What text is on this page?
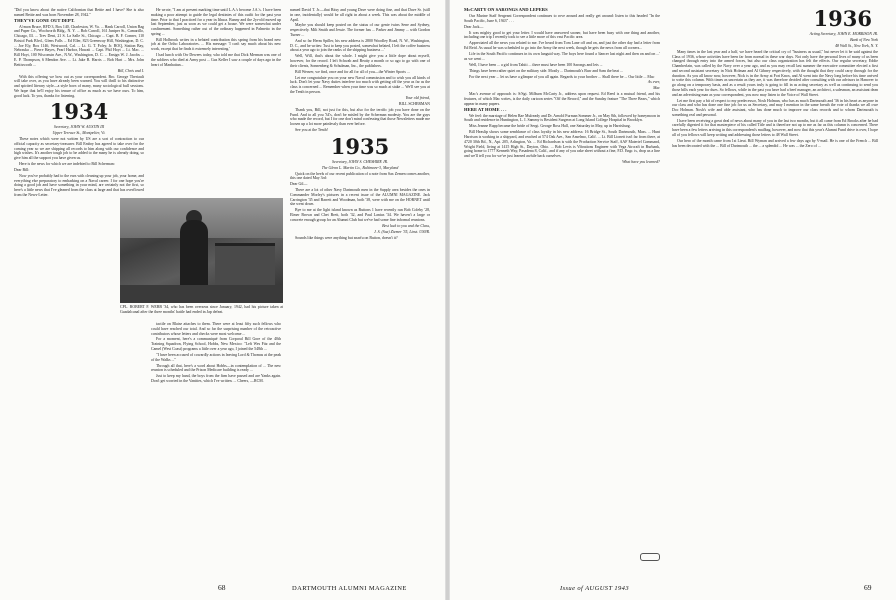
"Did you know about the native Californian that Bettie and I have? She is also named Bettie and was born November 28, 1942."

THEY'VE GONE OUT DEPT.

A'rmon Bruce, RFD 3, Box 140, Charleston, W. Va. ... Hank Carroll, Union Bag and Paper Co., Woolworth Bldg., N. Y. ... Bob Carroll, 161 Juniper St., Camarillo, Chicago, Ill. ... Trev Dent, 21 S. La Salle St., Chicago ... Capt. B. F. Conner, 110 Bristol Park Blvd., Glens Falls ... Ed Eller, 823 Greenway Hill, Washington, D. C. ... Joe Ely, Box 1146, Westwood, Cal. ... Lt. G. T. Foley, Jr. BOQ, Station Bay, Nebraska ... Pierre Hayes, Pearl Harbor, Hawaii ... Capt. Phil Hoyt ... Lt. Mac. ... Bill Hoyt, 100 Wisconsin Ave., N.W., Washington, D. C. ... Ensign W. J. Jacobs ... E. P. Thompson, 6 Mendon Ave. ... Lt. Jake B. Harris ... Bob Hart ... Mrs. John Bettisworth ...

Bill, Chris and I.

With this offering we bow out as your correspondent. Bro. George Theriault will take over, as you have already been warned. You will thrill to his distinctive and spirited literary style—a style born of many, many sociological bull sessions. We hope that he'll enjoy his tenure of office as much as we have ours. To him, good luck. To you, thanks for listening.

1934

Secretary, JOHN W. AUSTIN III

Upper Terrace St., Montpelier, Vt.

These notes which were not written by US are a sort of contraction to our official capacity as secretary-treasurer. Bill Embry has agreed to take over for the coming year so we are shipping all records to him along with our confidence and high wishes. It's another tough job to be added to the many he is already doing, so give him all the support you have given us.

Here is the news for which we are indebted to Bill Scherman:

Dear Bill:

Now you've probably had to the ears with cleaning up your job, your home, and everything else preparatory to embarking on a Naval career. I for one hope you're doing a good job and have something in your mind, are certainly not the first, so here's a little news that I've gleaned from the class at large and that has overflowed from the News-Letter.

He wrote, "I am at present marking time until L.A.'s become J.A.'s. I have been making a poor attempt to guide the legal destinies of this outfit for the past year time. Prior to that I practiced for a year in Ithaca. Bunny and the 2yr-old moved up last September, just as soon as we could get a house. We were somewhat under confinement. Something rather out of the ordinary happened in Palmetto in the spring ...

Bill Holbrook writes in a belated contribution this spring from his brand new job at the Ortho Laboratories. ... His message: 'I can't say much about his new work, except that he finds it extremely interesting.'

I had lunch with Orr Dewees today, who told me that Dick Merman was one of the soldiers who died at Army post ... Gus Keller I saw a couple of days ago in the heart of Manhattan...

CPL. ROBERT F. WEBB '34, who has been overseas since January, 1942, had his picture taken at Guadalcanal after the three months' battle had ended in Jap defeat.

tactile on Blaise attaches to them. There were at least fifty such fellows who could have reached our total. And so far the surprising number of the retroactive contributors whose letters and checks were most welcome ...

For a moment, here's a communiqué from Corporal Bill Gore of the 40th Training Squadron, Flying School, Hobbs, New Mexico: "Left Wes Fitz and the Camel (West Coast) programs a little over a year ago, I joined the 548th ...

"I have been accused of cowardly actions in leaving Lord & Thomas at the peak of the Walks ..."

Through all that, here's a word about Hobbs—in contemplation of ... The new reunion is scheduled and the Prison Medicare building is ready ...

Just to keep my hand, the boys from the firm have passed and are Yanks again. Don't get worried in the Vanities, which I've written. ... Cheers, —RCM.

named David T. Jr.—that Bitsy and young Dave were doing fine, and that Dave Sr. (still in one, incidentally) would be all right in about a week. This was about the middle of April.

Maybe you should keep posted on the status of our genie twins Sene and Sydney, respectively. Milt Smith and Jessie. The former has ... Parker and Jimmy ... with Gordon Turner ...

And so far Herm Spiller, his new address is 2800 Woodley Road, N. W., Washington, D. C., and he writes: 'Just to keep you posted, somewhat belated, I left the coffee business about a year ago to join the ranks of the shipping business ...'

Well, Will, that's about the whole. I might give you a little dope about myself, however, for the record. I left Schwab and Beatty a month or so ago to go with one of their clients, Sonnenberg & Schulman, Inc., the publishers.

Bill Weaver, we find, once and for all for all of you—the Winter Sports ...

Let me congratulate you on your new Naval commission and to wish you all kinds of luck. Don't let your Navy duties interfere too much with getting off the year as far as the class is concerned ... Remember when your time was so much at stake ... We'll see you at the Tenth in person.

Your old friend,

BILL SCHERMAN

Thank you, Bill, not just for this, but also for the terrific job you have done on the Fund. And to all you '34's, don't be misled by the Scherman modesty. You are the guys who made the record, but I for one don't mind confessing that those Newsletters made me loosen up a lot more painlessly than ever before.

See you at the Tenth!

1935

Secretary, JOHN S. CHESHIRE JR.

The Glenn L. Martin Co., Baltimore-3, Maryland

Quick on the heels of our recent publication of a note from Sax Zemen comes another, this one dated May 3rd:

Dear Gil—

There are a lot of other Navy Dartmouth men in the Supply area besides the ones in Commander Morley's pictures in a recent issue of the ALUMNI MAGAZINE. Jack Carrington '35 and Barrett and Woodman, both '38, were with me on the HORNET until she went down.

Bye to me at the light island known as Buttons 1 have recently run Bob Coleby '28, Elmer Brown and Chet Brett, both '32, and Paul Lanius '34. We haven't a large or concrete enough group for an Alumni Club but we've had some fine informal reunions.

Best luck to you and the Class,

J. S. (Sax) Ziemer '35, Lieut. USNR.

Sounds like things were anything but snarfu on Button, doesn't it?

68	DARTMOUTH ALUMNI MAGAZINE

McCARTY ON SARONGS AND LEPERS

Our Marine Staff Sergeant Correspondent continues to rove around and really get around: listen to this headed "In the South Pacific, June 6, 1943" . . .

Dear Jack—

It was mighty good to get your letter. I would have answered sooner, but have been busy with one thing and another, including one trip I recently took to see a little more of this vast Pacific area.

Appreciated all the news you related to me. I've heard from Tom Lane off and on, and just the other day had a letter from Ed Reid. As usual he was scheduled to go into the Army the next week, though he gets the news from all corners...

Life in the South Pacific continues in its own languid way. The boys here found a 'dancer last night and then on and on ...' as we went ...

Well, I have been ... a girl from Tahiti ... there must have been 100 Sarongs and leis ...

Things have been rather quiet on the military side. Mostly ... Dartmouth's Burr and Sam the beat ...

For the next year ... let us have a glimpse of you all again. Regards to your brother ... Shall there be ... Our little ... Mac

As ever,

Mac

Mac's avenue of approach is: S/Sgt. Milburn McCarty Jr., address upon request. Ed Reed is a mutual friend, and his features, of which Mac writes, is the daily cartoon series "Off the Record," and the Sunday feature "The Three Bears," which appear in many papers.

HERE AT HOME . . .

We feel: the marriage of Helen Rae Mulready and Dr. Arnold Furman Sommer Jr., on May 8th, followed by honeymoon in South and residence in Huntington, L. I. Sammy is Resident Surgeon at Long Island College Hospital in Brooklyn.

Miss Jeanne Rupp became the bride of Sergt. George Ross Hall, one Saturday in May, up in Harrisburg.

Bill Heaslip shows some semblance of class loyalty in his new address: 16 Bridge St., South Dartmouth, Mass. ... Hunt Harrison is working in a shipyard, and reached at 574 Oak Ave., San Anselmo, Calif. ... Lt. Bill Lionett isn't far from there, at 4720 30th Rd., N., Apt. 205, Arlington, Va. ... Ed Richardson is with the Production Service Staff, AAF Materiel Command, Wright Field, living at 1415 High St., Dayton, Ohio. ... Bob Levis is Vibrations Engineer with Vega Aircraft in Burbank, going home to 1777 Kenneth Way, Pasadena 8, Calif., and if any of you rake sheet without a fine, F.D. Engr. is, drop us a line and we'll tell you for we've just learned awhile back ourselves.

What have you learned?

1936

Acting Secretary, JOHN E. MORRISON JR.

Bank of New York

48 Wall St., New York, N. Y.

Many times in the last year and a half, we have heard the critical cry of "business as usual," but never let it be said against the Class of 1936, whose activities have been far from normal in these war days. Not only have the personal lives of many of us been changed through entry into the armed forces, but also our class organization has felt the effects. Our regular secretary, Eddie Chamberlain, was called by the Navy over a year ago, and as you may recall last summer the executive committee elected a first and second assistant secretary in Nick Holman and Al Gibney respectively, with the thought that they could carry through for the duration. As you all know now, however, Nick is in the Army at Fort Knox, and Al went into the Navy long before his time arrived to write this column. With times as uncertain as they are, it was therefore decided after consulting with our advisors in Hanover to go along on a temporary basis, and as a result yours truly is going to fill in as acting secretary as well as continuing to send you those bills each year for dues. So fellows, while in the past you have had a beef manager, an architect, a salesman, an assistant dean and an advertising man as your correspondent, you now may listen to the Voice of Wall Street.

Let me first pay a bit of respect to my predecessor, Nosh Holman, who has as much Dartmouth and '36 in his heart as anyone in our class and who has done one fine job for us as Secretary, and may I mention in the same breath the vote of thanks we all owe Doc Holman. Nosh's wife and able assistant, who has done much to improve our class records and to whom Dartmouth is something real and personal.

I have been receiving a great deal of news about many of you in the last two months, but it all came from Ed Brooks after he had carefully digested it for that masterpiece of his called Title and is therefore not up to me as far as this column is concerned. There have been a few letters arriving in this correspondent's mailbag, however, and now that this year's Alumni Fund drive is over, I hope all of you fellows will keep writing and addressing those letters to 48 Wall Street.

Our hero of the month came from 1st Lieut. Bill Wyman and arrived a few days ago by V-mail. He is one of the French ... Bill has been decorated with the ... Bill of Dartmouth ... the ... a splendid ... He was ... the Zero of ...

Issue of AUGUST 1943	69
